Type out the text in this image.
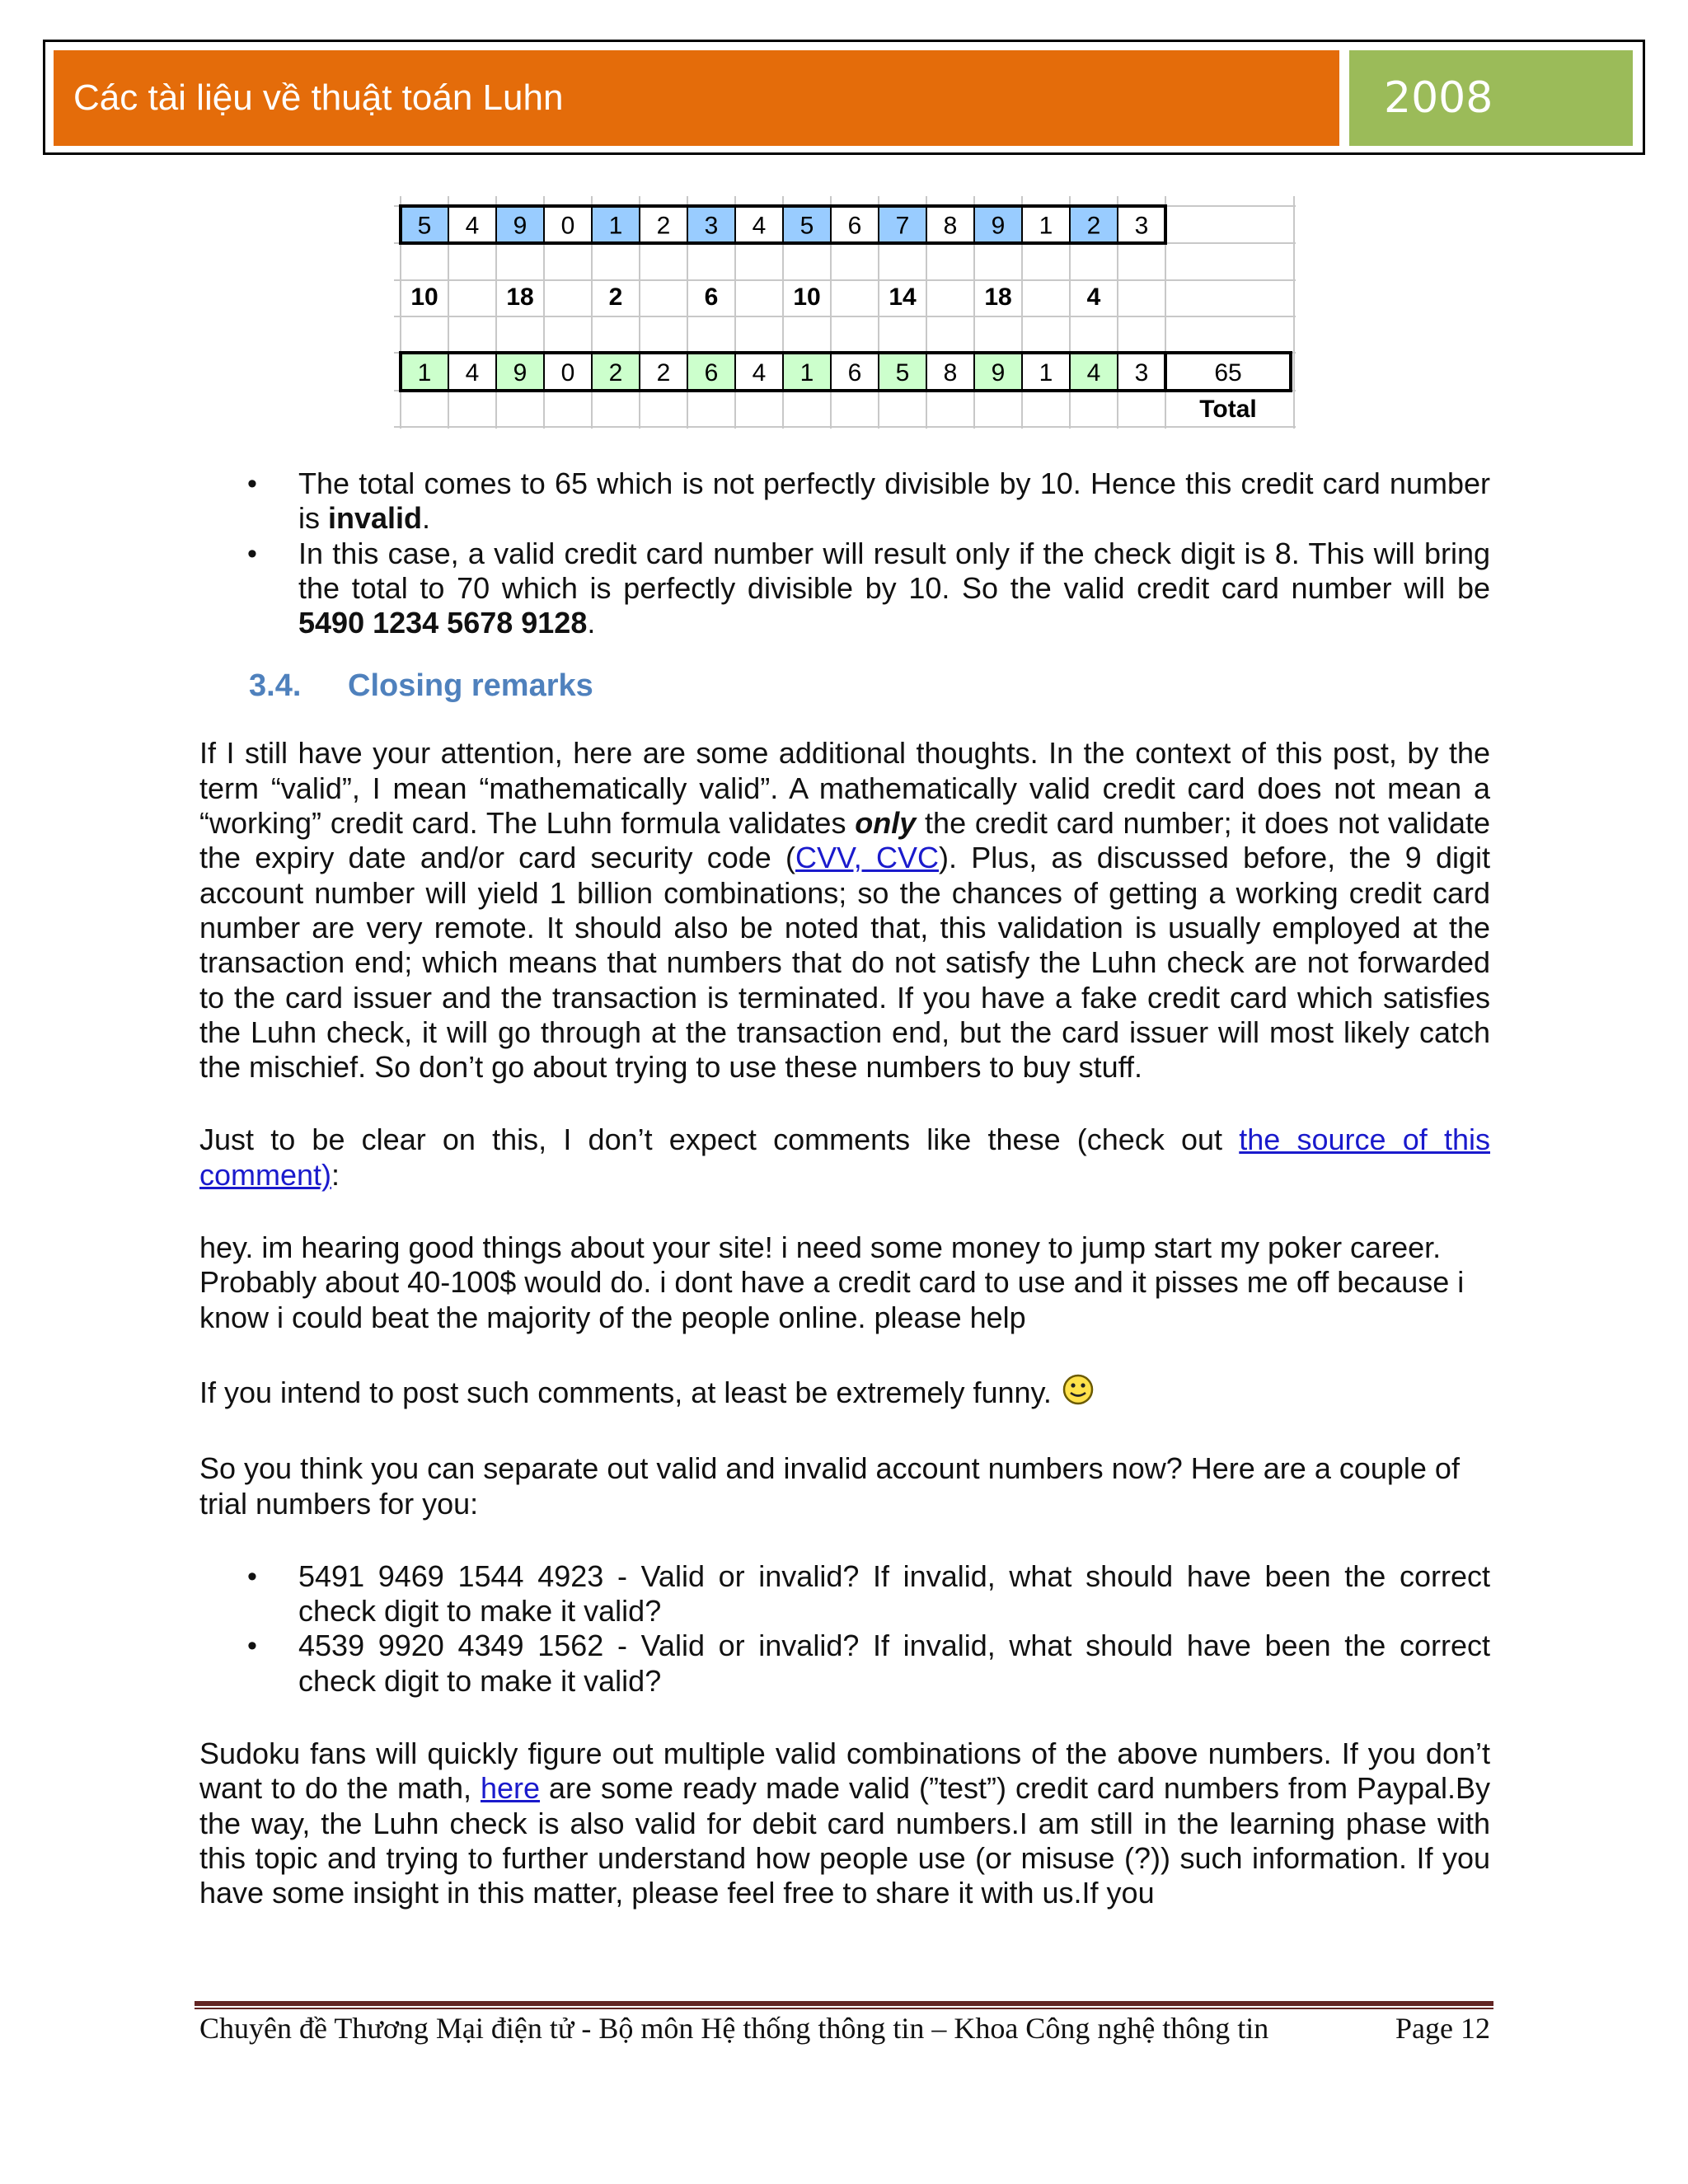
Các tài liệu về thuật toán Luhn	2008
5 4 9 0 1 2 3 4 5 6 7 8 9 1 2 3
10	18	2	6	10	14	18	4
1 4 9 0 2 2 6 4 1 6 5 8 9 1 4 3	65
Total
• The total comes to 65 which is not perfectly divisible by 10. Hence this credit card number is invalid.
• In this case, a valid credit card number will result only if the check digit is 8. This will bring the total to 70 which is perfectly divisible by 10. So the valid credit card number will be 5490 1234 5678 9128.
3.4. Closing remarks

If I still have your attention, here are some additional thoughts. In the context of this post, by the term “valid”, I mean “mathematically valid”. A mathematically valid credit card does not mean a “working” credit card. The Luhn formula validates only the credit card number; it does not validate the expiry date and/or card security code (CVV, CVC). Plus, as discussed before, the 9 digit account number will yield 1 billion combinations; so the chances of getting a working credit card number are very remote. It should also be noted that, this validation is usually employed at the transaction end; which means that numbers that do not satisfy the Luhn check are not forwarded to the card issuer and the transaction is terminated. If you have a fake credit card which satisfies the Luhn check, it will go through at the transaction end, but the card issuer will most likely catch the mischief. So don’t go about trying to use these numbers to buy stuff.

Just to be clear on this, I don’t expect comments like these (check out the source of this comment):

hey. im hearing good things about your site! i need some money to jump start my poker career. Probably about 40-100$ would do. i dont have a credit card to use and it pisses me off because i know i could beat the majority of the people online. please help

If you intend to post such comments, at least be extremely funny.

So you think you can separate out valid and invalid account numbers now? Here are a couple of trial numbers for you:

• 5491 9469 1544 4923 - Valid or invalid? If invalid, what should have been the correct check digit to make it valid?
• 4539 9920 4349 1562 - Valid or invalid? If invalid, what should have been the correct check digit to make it valid?

Sudoku fans will quickly figure out multiple valid combinations of the above numbers. If you don’t want to do the math, here are some ready made valid (”test”) credit card numbers from Paypal.By the way, the Luhn check is also valid for debit card numbers.I am still in the learning phase with this topic and trying to further understand how people use (or misuse (?)) such information. If you have some insight in this matter, please feel free to share it with us.If you

Chuyên đề Thương Mại điện tử - Bộ môn Hệ thống thông tin – Khoa Công nghệ thông tin	Page 12
